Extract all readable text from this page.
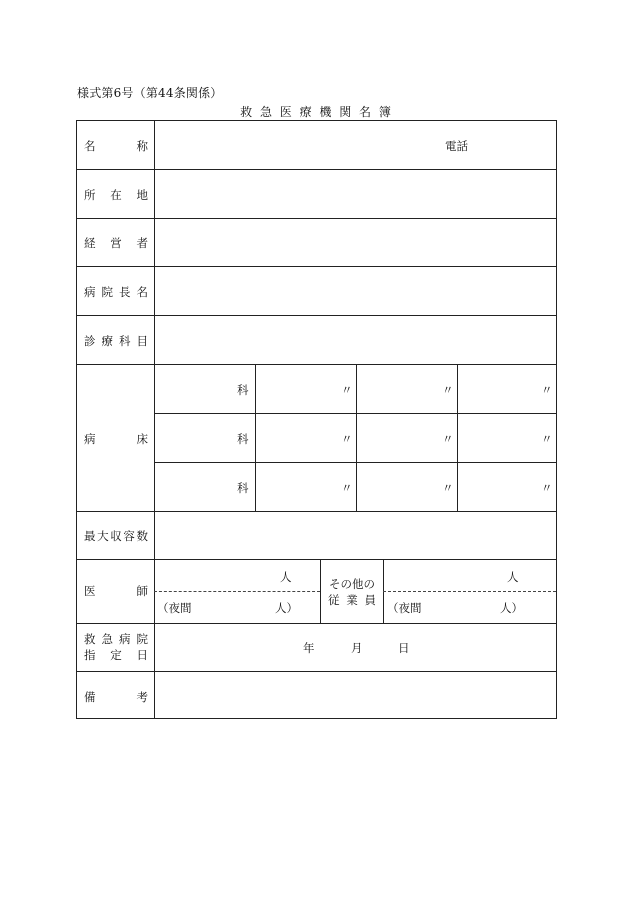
様式第6号（第44条関係）
救 急 医 療 機 関 名 簿
名	称	電話
所 在 地
経 営 者
病 院 長 名
診 療 科 目
病	床
科	〃	〃	〃
科	〃	〃	〃
科	〃	〃	〃
最 大 収 容 数
医	師
人
（夜間	人）
その他の
従 業 員
人
（夜間	人）
救 急 病 院
指 定 日	年	月	日
備	考
